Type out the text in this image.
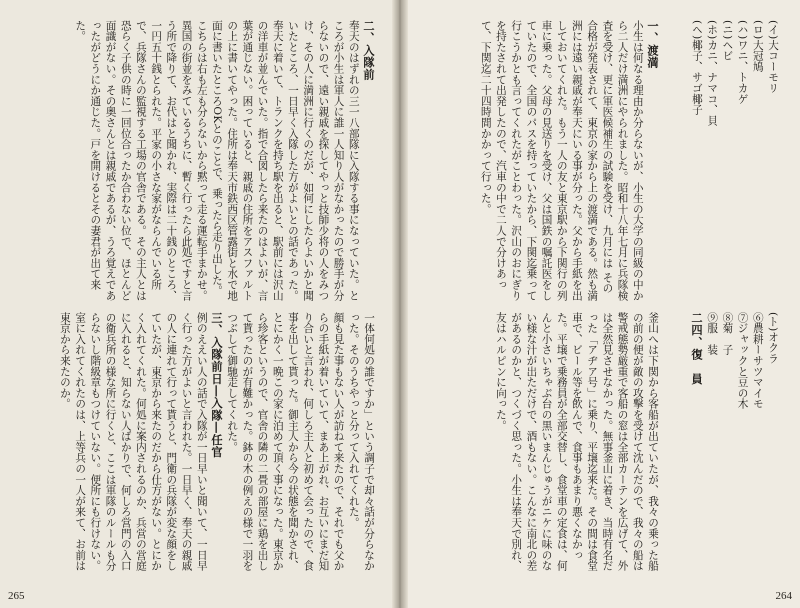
二、入隊前

奉天のはずれの三一八部隊に入隊する事になっていた。ところが小生は軍人に誰一人知り人がなかったので勝手が分らないので、遠い親戚を探してやっと技師少将の人をみつけ、その人に満洲に行くのだが、如何にしたらよいかと聞いたところ、一日早く入隊した方がよいとの話であった。

奉天に着いて、トランクを持ち駅を出ると、駅前には沢山の洋車が並んでいた。指で合図したら来たのはよいが、言葉が通じない。困っていると、親戚の住所をアスファルトの上に書いてやった。住所は奉天市鉄西区管露街と水で地面に書いたところOKとのことで、乗ったら走り出した。こちらは右も左も分らないから黙って走る運転手まかせ。異国の街並をみているうちに、暫く行ったら此処ですと言う所で降りて、お代はと聞かれ、実際は二十銭のところ、一円五十銭とられた。平家の小さな家がならんでいる所で、兵隊さんの監視する工場の官舎である。その主人とは恐らく子供の時に一回位合ったか合わない位で、ほとんど面識がない。その奥さんとは親戚であるが、うろ覚えであったがどうにか通じた。戸を開けるとその妻君が出て来た。

一体何処の誰ですか」という調子で却々話が分らなかった。そのうちやっと分って入れてくれた。

顔も見た事もない人が訪ねて来たので、それでも父からの手紙が着いていて、まあ上がれ、お互いにまだ知り合いと言われ、何しろ主人と初めて会ったので、食事を出して貰った。御主人から今の状態を聞かされ、とにかく一晩この家に泊めて頂く事になった。東京から珍客というので、官舎の隣の二畳の部屋に鶏を出して貰ったのが有難かった。鉢の木の例えの様で一羽をつぶして御馳走してくれた。

三、入隊前日―入隊―任官

例のええい人の話で入隊が一日早いと聞いて、一日早く行った方がよいと言われた。一日早く、奉天の親戚の人に連れて行って貰うと、門衛の兵隊が変な顔をしていたが、東京から来たのだから仕方がない。とにかく入れてくれた。何処に案内されるのか、兵営の営庭に入れると、知らない人ばかりで、何しろ営門の入口の衛兵所の様な所に行くと、ここは軍隊のルールも分らないし階級章もつけていない。便所にも行けない。室に入れてくれたのは、上等兵の一人が来て、お前は東京から来たのか。

265

(イ)大コーモリ

(ロ)大冠鳩

(ハ)ワニ、トカゲ

(ニ)ヘビ

(ホ)カニ、ナマコ、貝

(ヘ)椰子、サゴ椰子

一、渡満

小生は何なる理由か分らないが、小生の大学の同級の中から二人だけ満洲にやられました。昭和十八年七月に兵隊検査を受け、更に軍医候補生の試験を受け、九月には その合格が発表されて、東京の家から上の渡満である。然も満洲には遠い親戚が奉天にいる事が分った。父から手紙を出しておいてくれた。もう一人の友と東京駅から下関行の列車に乗った。父母の見送りを受け、父は国鉄の嘱託医をしていたので、全国のパスを持っていたから、下関迄乗って行こうかとも言ってくれたがことわった。沢山のおにぎりを持たされて出発したので、汽車の中で二人で分けあって、下関迄二十四時間かかって行った。

(ト)オクラ

⑥農耕ーサツマイモ

⑦ジャックと豆の木

⑧菊　子

⑨服　装

二四、復　員

釜山へは下関から客船が出ていたが、我々の乗った船の前の便が敵の攻撃を受けて沈んだので、我々の船は警戒態勢厳重で客船の窓は全部カーテンを広げて、外は全然見させなかった。無事釜山に着き、当時有名だった「アヂア号」に乗り、平壌迄来た。その間は食堂車で、ビール等を飲んで、食事もあまり悪くなかった。平壌で乗務員が全部交替し、食堂車の定食は、何んと小さいちゃぶ台の黒いまんじゅうがニケに味のない様な汁が出ただけで、酒もない。こんなに南北の差があるのかと、つくづく思った。小生は奉天で別れ、友はハルピンに向った。

264
